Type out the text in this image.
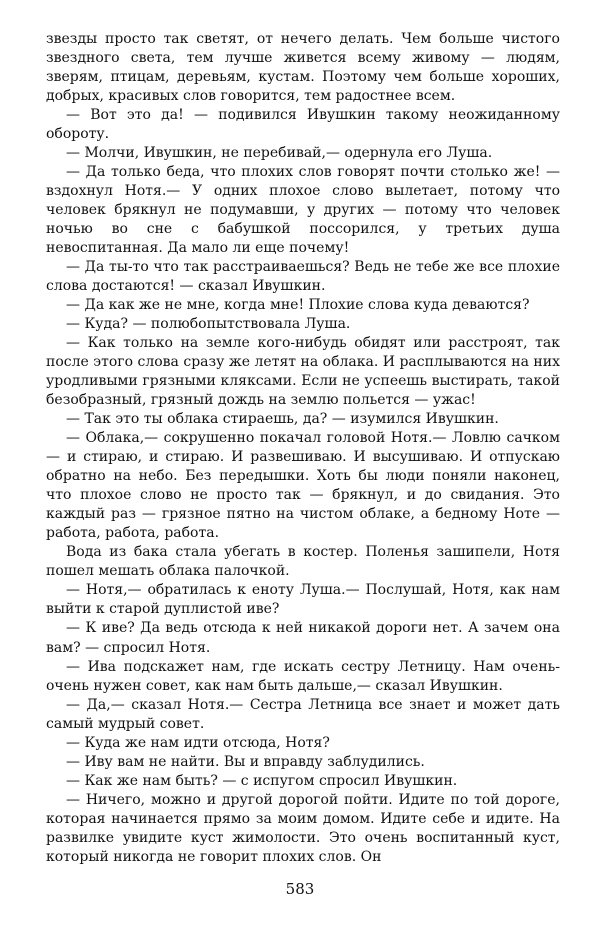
звезды просто так светят, от нечего делать. Чем больше чистого звездного света, тем лучше живется всему живому — людям, зверям, птицам, деревьям, кустам. Поэтому чем больше хороших, добрых, красивых слов говорится, тем радостнее всем.

— Вот это да! — подивился Ивушкин такому неожиданному обороту.

— Молчи, Ивушкин, не перебивай,— одернула его Луша.

— Да только беда, что плохих слов говорят почти столько же! — вздохнул Нотя.— У одних плохое слово вылетает, потому что человек брякнул не подумавши, у других — потому что человек ночью во сне с бабушкой поссорился, у третьих душа невоспитанная. Да мало ли еще почему!

— Да ты-то что так расстраиваешься? Ведь не тебе же все плохие слова достаются! — сказал Ивушкин.

— Да как же не мне, когда мне! Плохие слова куда деваются?

— Куда? — полюбопытствовала Луша.

— Как только на земле кого-нибудь обидят или расстроят, так после этого слова сразу же летят на облака. И расплываются на них уродливыми грязными кляксами. Если не успеешь выстирать, такой безобразный, грязный дождь на землю польется — ужас!

— Так это ты облака стираешь, да? — изумился Ивушкин.

— Облака,— сокрушенно покачал головой Нотя.— Ловлю сачком — и стираю, и стираю. И развешиваю. И высушиваю. И отпускаю обратно на небо. Без передышки. Хоть бы люди поняли наконец, что плохое слово не просто так — брякнул, и до свидания. Это каждый раз — грязное пятно на чистом облаке, а бедному Ноте — работа, работа, работа.

Вода из бака стала убегать в костер. Поленья зашипели, Нотя пошел мешать облака палочкой.

— Нотя,— обратилась к еноту Луша.— Послушай, Нотя, как нам выйти к старой дуплистой иве?

— К иве? Да ведь отсюда к ней никакой дороги нет. А зачем она вам? — спросил Нотя.

— Ива подскажет нам, где искать сестру Летницу. Нам очень-очень нужен совет, как нам быть дальше,— сказал Ивушкин.

— Да,— сказал Нотя.— Сестра Летница все знает и может дать самый мудрый совет.

— Куда же нам идти отсюда, Нотя?

— Иву вам не найти. Вы и вправду заблудились.

— Как же нам быть? — с испугом спросил Ивушкин.

— Ничего, можно и другой дорогой пойти. Идите по той дороге, которая начинается прямо за моим домом. Идите себе и идите. На развилке увидите куст жимолости. Это очень воспитанный куст, который никогда не говорит плохих слов. Он

583
